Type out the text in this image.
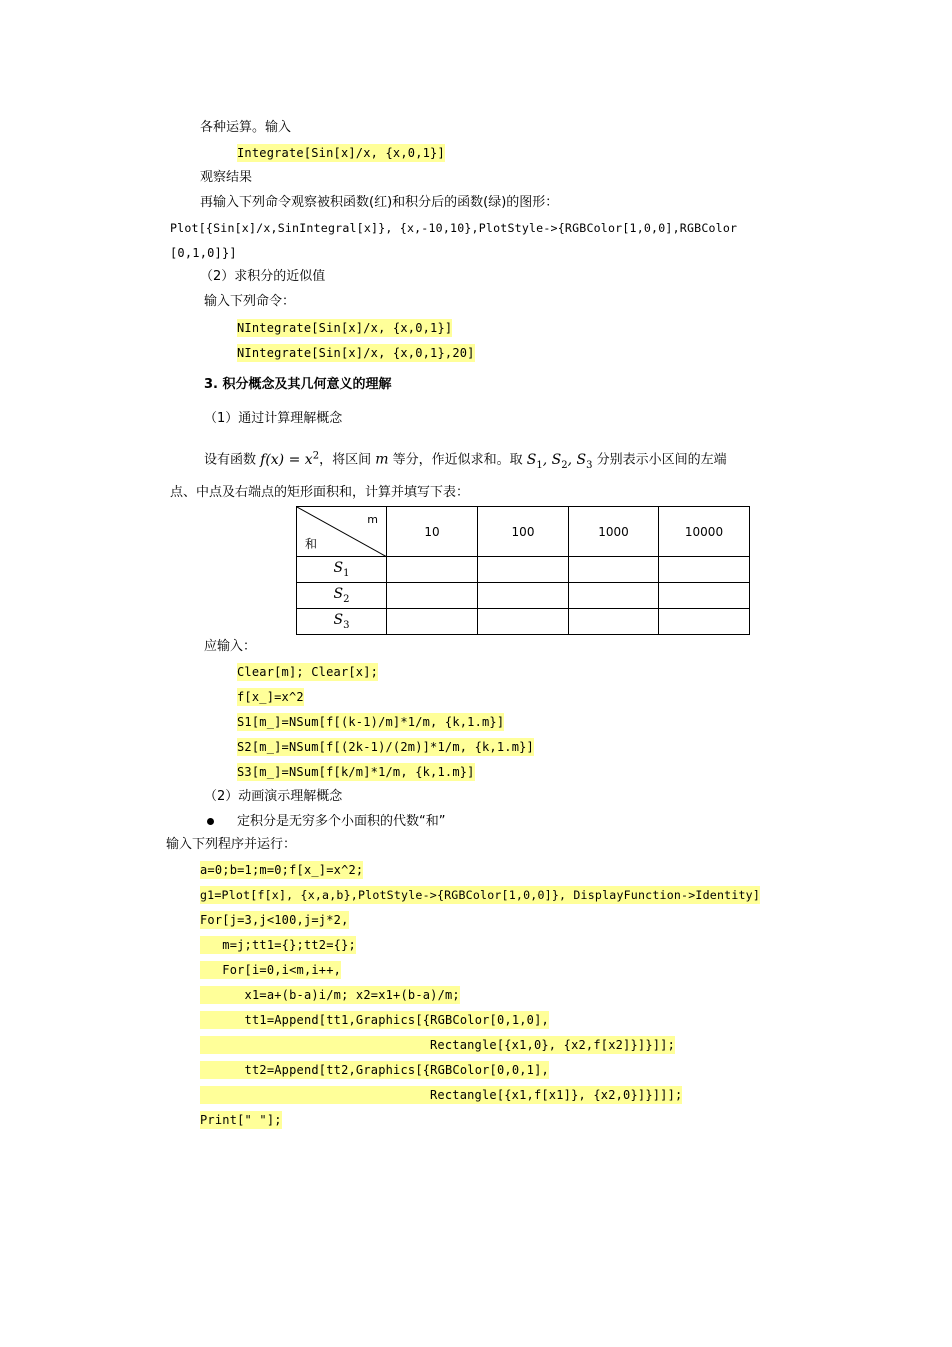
各种运算。输入
Integrate[Sin[x]/x, {x,0,1}]
观察结果
再输入下列命令观察被积函数(红)和积分后的函数(绿)的图形：
Plot[{Sin[x]/x,SinIntegral[x]}, {x,-10,10},PlotStyle->{RGBColor[1,0,0],RGBColor
[0,1,0]}]
（2）求积分的近似值
输入下列命令：
NIntegrate[Sin[x]/x, {x,0,1}]
NIntegrate[Sin[x]/x, {x,0,1},20]
3. 积分概念及其几何意义的理解
（1）通过计算理解概念
设有函数 $f(x) = x^2$，将区间 m 等分，作近似求和。取 $S_1$, $S_2$, $S_3$ 分别表示小区间的左端
点、中点及右端点的矩形面积和，计算并填写下表：
m
和	10	100	1000	10000
$S_1$				
$S_2$				
$S_3$				
应输入：
Clear[m]; Clear[x];
f[x_]=x^2
S1[m_]=NSum[f[(k-1)/m]*1/m, {k,1.m}]
S2[m_]=NSum[f[(2k-1)/(2m)]*1/m, {k,1.m}]
S3[m_]=NSum[f[k/m]*1/m, {k,1.m}]
（2）动画演示理解概念
定积分是无穷多个小面积的代数“和”
输入下列程序并运行：
a=0;b=1;m=0;f[x_]=x^2;
g1=Plot[f[x], {x,a,b},PlotStyle->{RGBColor[1,0,0]}, DisplayFunction->Identity]
For[j=3,j<100,j=j*2,
m=j;tt1={};tt2={};
For[i=0,i<m,i++,
x1=a+(b-a)i/m; x2=x1+(b-a)/m;
tt1=Append[tt1,Graphics[{RGBColor[0,1,0],
Rectangle[{x1,0}, {x2,f[x2]}]}]];
tt2=Append[tt2,Graphics[{RGBColor[0,0,1],
Rectangle[{x1,f[x1]}, {x2,0}]}]]];
Print[" "];
